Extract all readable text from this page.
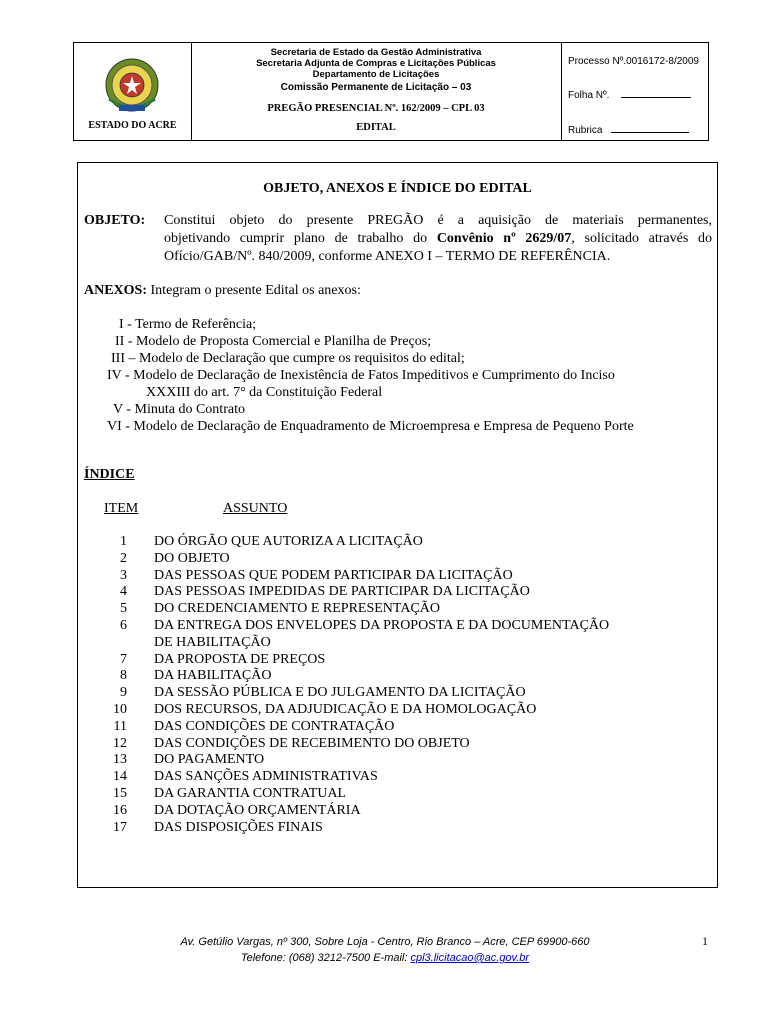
ESTADO DO ACRE
Secretaria de Estado da Gestão Administrativa
Secretaria Adjunta de Compras e Licitações Públicas
Departamento de Licitações
Comissão Permanente de Licitação – 03
PREGÃO PRESENCIAL Nº. 162/2009 – CPL 03
EDITAL
Processo Nº.0016172-8/2009
Folha Nº.
Rubrica
OBJETO, ANEXOS E ÍNDICE DO EDITAL
OBJETO: Constitui objeto do presente PREGÃO é a aquisição de materiais permanentes,
objetivando cumprir plano de trabalho do Convênio nº 2629/07, solicitado através do
Ofício/GAB/Nº. 840/2009, conforme ANEXO I – TERMO DE REFERÊNCIA.
ANEXOS: Integram o presente Edital os anexos:
I - Termo de Referência;
II - Modelo de Proposta Comercial e Planilha de Preços;
III – Modelo de Declaração que cumpre os requisitos do edital;
IV - Modelo de Declaração de Inexistência de Fatos Impeditivos e Cumprimento do Inciso
XXXIII do art. 7° da Constituição Federal
V - Minuta do Contrato
VI - Modelo de Declaração de Enquadramento de Microempresa e Empresa de Pequeno Porte
ÍNDICE
ITEM	ASSUNTO
1 DO ÓRGÃO QUE AUTORIZA A LICITAÇÃO
2 DO OBJETO
3 DAS PESSOAS QUE PODEM PARTICIPAR DA LICITAÇÃO
4 DAS PESSOAS IMPEDIDAS DE PARTICIPAR DA LICITAÇÃO
5 DO CREDENCIAMENTO E REPRESENTAÇÃO
6 DA ENTREGA DOS ENVELOPES DA PROPOSTA E DA DOCUMENTAÇÃO
DE HABILITAÇÃO
7 DA PROPOSTA DE PREÇOS
8 DA HABILITAÇÃO
9 DA SESSÃO PÚBLICA E DO JULGAMENTO DA LICITAÇÃO
10 DOS RECURSOS, DA ADJUDICAÇÃO E DA HOMOLOGAÇÃO
11 DAS CONDIÇÕES DE CONTRATAÇÃO
12 DAS CONDIÇÕES DE RECEBIMENTO DO OBJETO
13 DO PAGAMENTO
14 DAS SANÇÕES ADMINISTRATIVAS
15 DA GARANTIA CONTRATUAL
16 DA DOTAÇÃO ORÇAMENTÁRIA
17 DAS DISPOSIÇÕES FINAIS
Av. Getúlio Vargas, nº 300, Sobre Loja - Centro, Rio Branco – Acre, CEP 69900-660
Telefone: (068) 3212-7500 E-mail: cpl3.licitacao@ac.gov.br
1
